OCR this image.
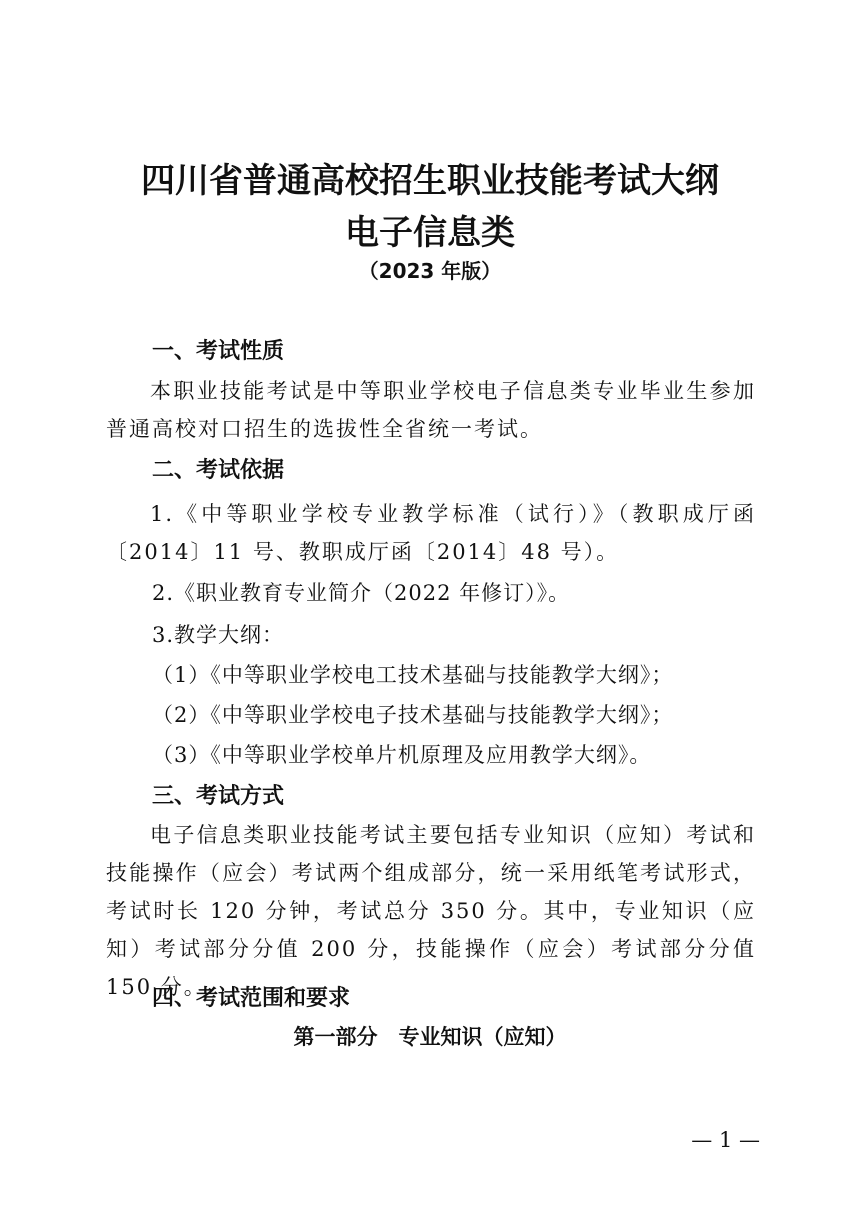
四川省普通高校招生职业技能考试大纲
电子信息类
（2023 年版）
一、考试性质
本职业技能考试是中等职业学校电子信息类专业毕业生参加普通高校对口招生的选拔性全省统一考试。
二、考试依据
1.《中等职业学校专业教学标准（试行）》（教职成厅函〔2014〕11 号、教职成厅函〔2014〕48 号）。
2.《职业教育专业简介（2022 年修订）》。
3.教学大纲：
（1）《中等职业学校电工技术基础与技能教学大纲》；
（2）《中等职业学校电子技术基础与技能教学大纲》；
（3）《中等职业学校单片机原理及应用教学大纲》。
三、考试方式
电子信息类职业技能考试主要包括专业知识（应知）考试和技能操作（应会）考试两个组成部分，统一采用纸笔考试形式，考试时长 120 分钟，考试总分 350 分。其中，专业知识（应知）考试部分分值 200 分，技能操作（应会）考试部分分值 150 分。
四、考试范围和要求
第一部分　专业知识（应知）
— 1 —
